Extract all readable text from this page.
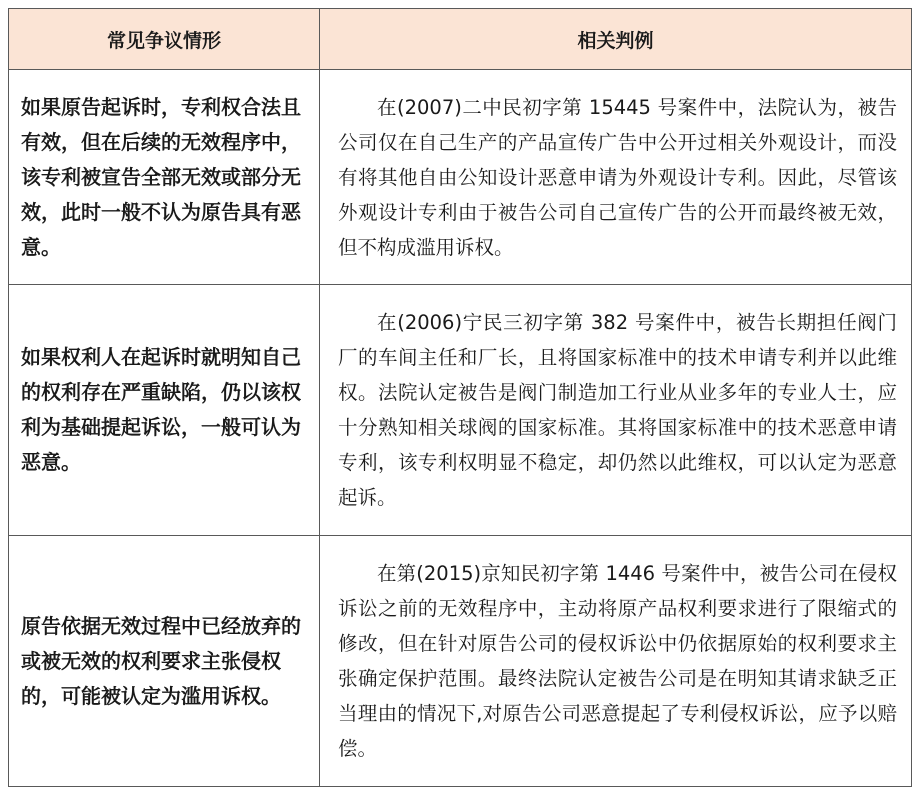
常见争议情形	相关判例
如果原告起诉时，专利权合法且有效，但在后续的无效程序中，该专利被宣告全部无效或部分无效，此时一般不认为原告具有恶意。	在(2007)二中民初字第 15445 号案件中，法院认为，被告公司仅在自己生产的产品宣传广告中公开过相关外观设计，而没有将其他自由公知设计恶意申请为外观设计专利。因此，尽管该外观设计专利由于被告公司自己宣传广告的公开而最终被无效，但不构成滥用诉权。

如果权利人在起诉时就明知自己的权利存在严重缺陷，仍以该权利为基础提起诉讼，一般可认为恶意。	在(2006)宁民三初字第 382 号案件中，被告长期担任阀门厂的车间主任和厂长，且将国家标准中的技术申请专利并以此维权。法院认定被告是阀门制造加工行业从业多年的专业人士，应十分熟知相关球阀的国家标准。其将国家标准中的技术恶意申请专利，该专利权明显不稳定，却仍然以此维权，可以认定为恶意起诉。

原告依据无效过程中已经放弃的或被无效的权利要求主张侵权的，可能被认定为滥用诉权。	在第(2015)京知民初字第 1446 号案件中，被告公司在侵权诉讼之前的无效程序中，主动将原产品权利要求进行了限缩式的修改，但在针对原告公司的侵权诉讼中仍依据原始的权利要求主张确定保护范围。最终法院认定被告公司是在明知其请求缺乏正当理由的情况下,对原告公司恶意提起了专利侵权诉讼，应予以赔偿。
